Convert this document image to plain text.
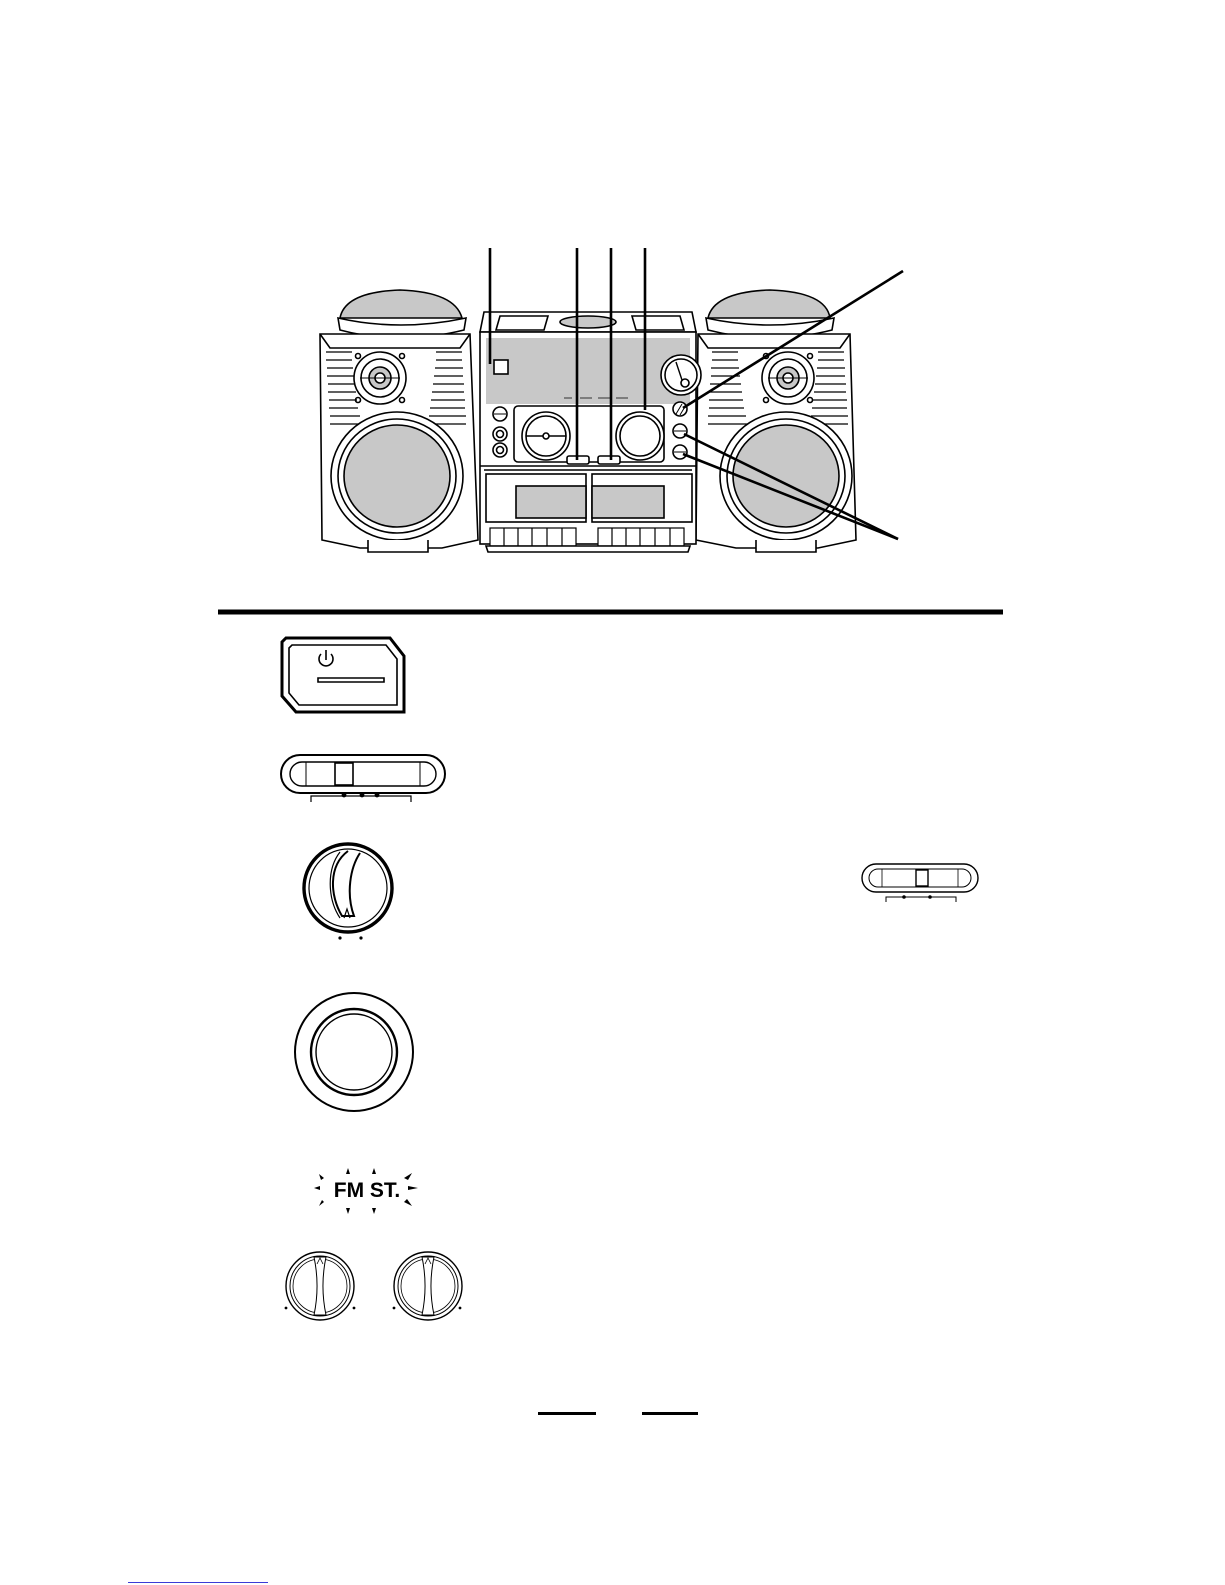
FM ST.
